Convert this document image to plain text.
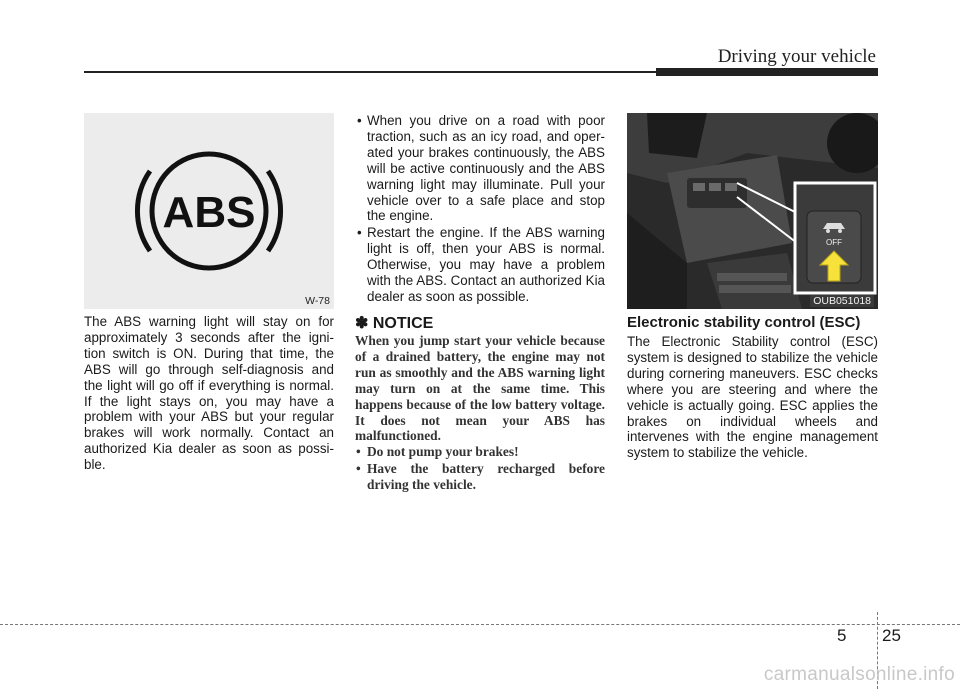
Driving your vehicle
ABS
W-78
OFF
OUB051018
The ABS warning light will stay on for approximately 3 seconds after the igni-tion switch is ON. During that time, the ABS will go through self-diagnosis and the light will go off if everything is normal. If the light stays on, you may have a problem with your ABS but your regular brakes will work normally. Contact an authorized Kia dealer as soon as possi-ble.
• When you drive on a road with poor traction, such as an icy road, and oper-ated your brakes continuously, the ABS will be active continuously and the ABS warning light may illuminate. Pull your vehicle over to a safe place and stop the engine.
• Restart the engine. If the ABS warning light is off, then your ABS is normal. Otherwise, you may have a problem with the ABS. Contact an authorized Kia dealer as soon as possible.
✽ NOTICE
When you jump start your vehicle because of a drained battery, the engine may not run as smoothly and the ABS warning light may turn on at the same time. This happens because of the low battery voltage. It does not mean your ABS has malfunctioned.
• Do not pump your brakes!
• Have the battery recharged before driving the vehicle.
Electronic stability control (ESC)
The Electronic Stability control (ESC) system is designed to stabilize the vehicle during cornering maneuvers. ESC checks where you are steering and where the vehicle is actually going. ESC applies the brakes on individual wheels and intervenes with the engine management system to stabilize the vehicle.
5 25
carmanualsonline.info
